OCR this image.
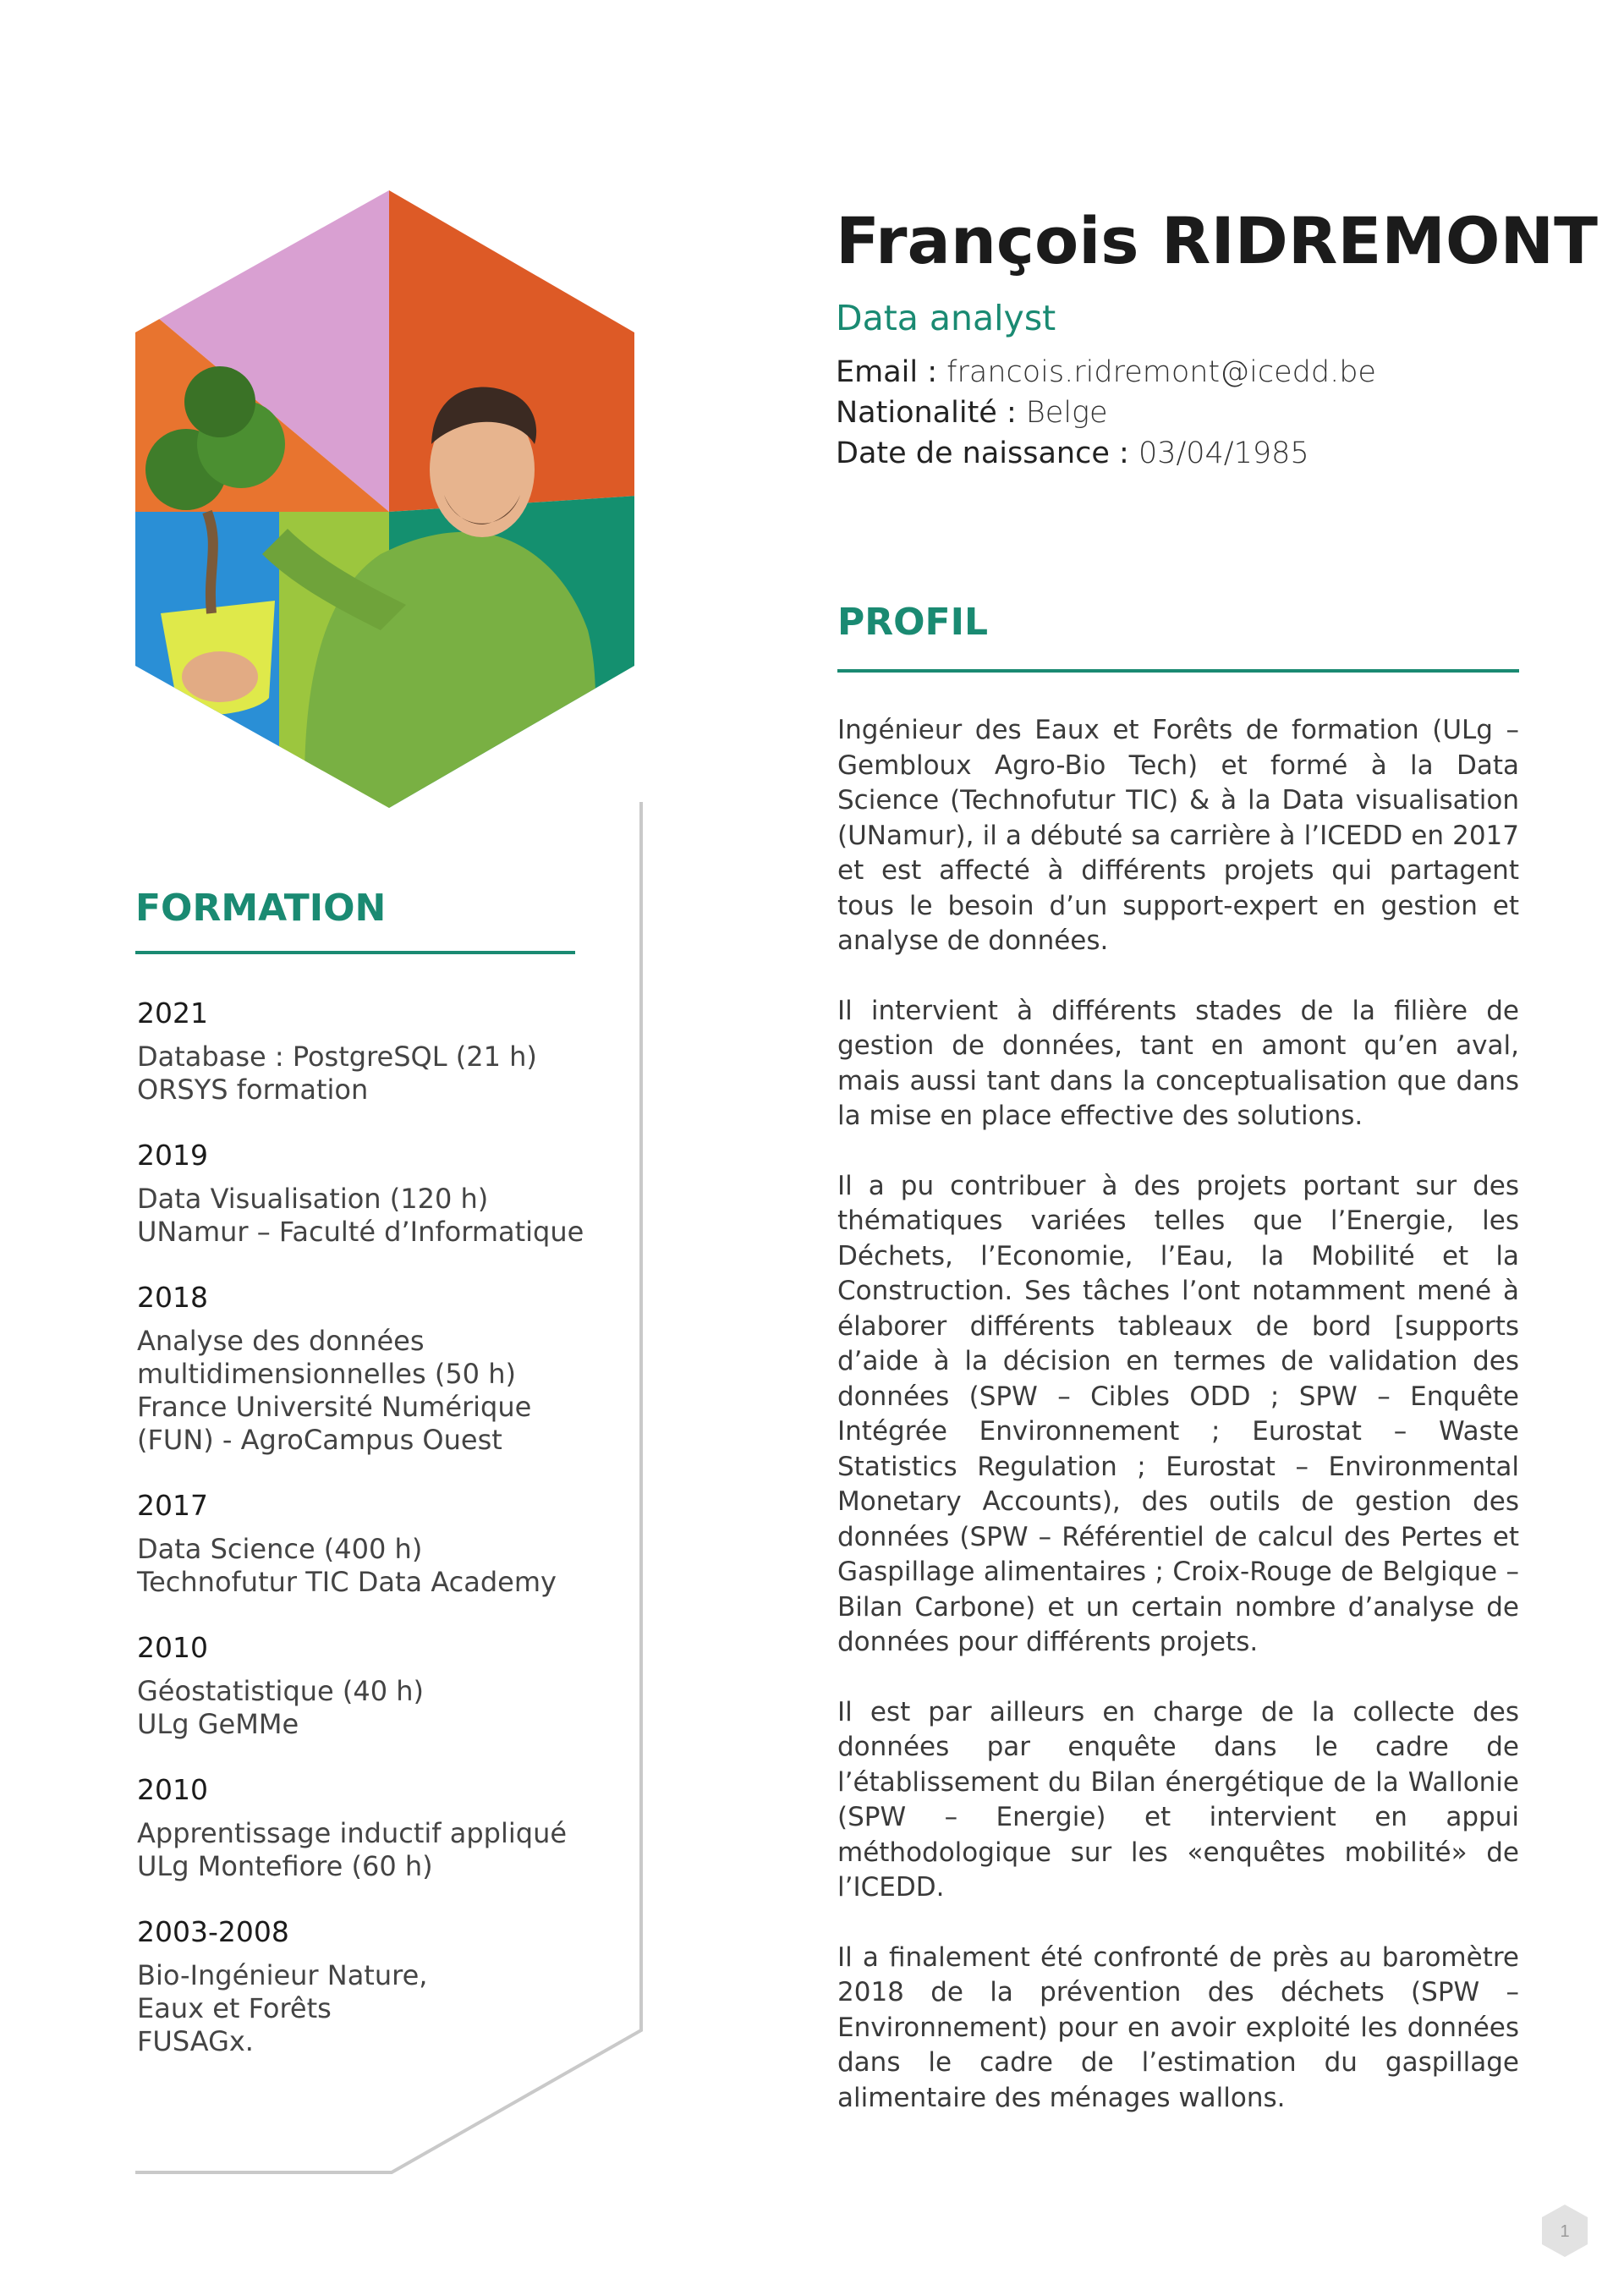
François RIDREMONT
Data analyst
Email : francois.ridremont@icedd.be
Nationalité : Belge
Date de naissance : 03/04/1985
PROFIL

Ingénieur des Eaux et Forêts de formation (ULg – Gembloux Agro-Bio Tech) et formé à la Data Science (Technofutur TIC) & à la Data visualisation (UNamur), il a débuté sa carrière à l’ICEDD en 2017 et est affecté à différents projets qui partagent tous le besoin d’un support-expert en gestion et analyse de données.

Il intervient à différents stades de la filière de gestion de données, tant en amont qu’en aval, mais aussi tant dans la conceptualisation que dans la mise en place effective des solutions.

Il a pu contribuer à des projets portant sur des thématiques variées telles que l’Energie, les Déchets, l’Economie, l’Eau, la Mobilité et la Construction. Ses tâches l’ont notamment mené à élaborer différents tableaux de bord [supports d’aide à la décision en termes de validation des données (SPW – Cibles ODD ; SPW – Enquête Intégrée Environnement ; Eurostat – Waste Statistics Regulation ; Eurostat – Environmental Monetary Accounts), des outils de gestion des données (SPW – Référentiel de calcul des Pertes et Gaspillage alimentaires ; Croix-Rouge de Belgique – Bilan Carbone) et un certain nombre d’analyse de données pour différents projets.

Il est par ailleurs en charge de la collecte des données par enquête dans le cadre de l’établissement du Bilan énergétique de la Wallonie (SPW – Energie) et intervient en appui méthodologique sur les «enquêtes mobilité» de l’ICEDD.

Il a finalement été confronté de près au baromètre 2018 de la prévention des déchets (SPW – Environnement) pour en avoir exploité les données dans le cadre de l’estimation du gaspillage alimentaire des ménages wallons.

FORMATION
2021
Database : PostgreSQL (21 h)
ORSYS formation
2019
Data Visualisation (120 h)
UNamur – Faculté d’Informatique
2018
Analyse des données
multidimensionnelles (50 h)
France Université Numérique
(FUN) - AgroCampus Ouest
2017
Data Science (400 h)
Technofutur TIC Data Academy
2010
Géostatistique (40 h)
ULg GeMMe
2010
Apprentissage inductif appliqué
ULg Montefiore (60 h)
2003-2008
Bio-Ingénieur Nature,
Eaux et Forêts
FUSAGx.
1
